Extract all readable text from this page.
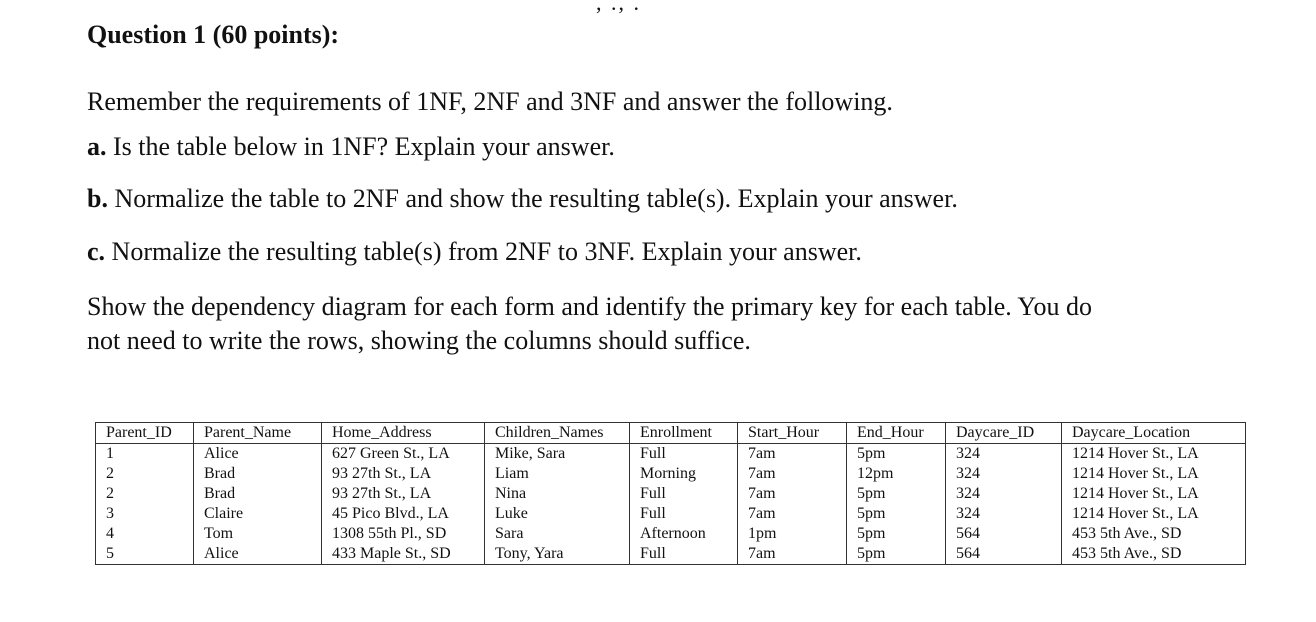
, ., .
Question 1 (60 points):
Remember the requirements of 1NF, 2NF and 3NF and answer the following.
a. Is the table below in 1NF? Explain your answer.
b. Normalize the table to 2NF and show the resulting table(s). Explain your answer.
c. Normalize the resulting table(s) from 2NF to 3NF. Explain your answer.
Show the dependency diagram for each form and identify the primary key for each table. You do
not need to write the rows, showing the columns should suffice.
Parent_ID	Parent_Name	Home_Address	Children_Names	Enrollment	Start_Hour	End_Hour	Daycare_ID	Daycare_Location
1	Alice	627 Green St., LA	Mike, Sara	Full	7am	5pm	324	1214 Hover St., LA
2	Brad	93 27th St., LA	Liam	Morning	7am	12pm	324	1214 Hover St., LA
2	Brad	93 27th St., LA	Nina	Full	7am	5pm	324	1214 Hover St., LA
3	Claire	45 Pico Blvd., LA	Luke	Full	7am	5pm	324	1214 Hover St., LA
4	Tom	1308 55th Pl., SD	Sara	Afternoon	1pm	5pm	564	453 5th Ave., SD
5	Alice	433 Maple St., SD	Tony, Yara	Full	7am	5pm	564	453 5th Ave., SD
